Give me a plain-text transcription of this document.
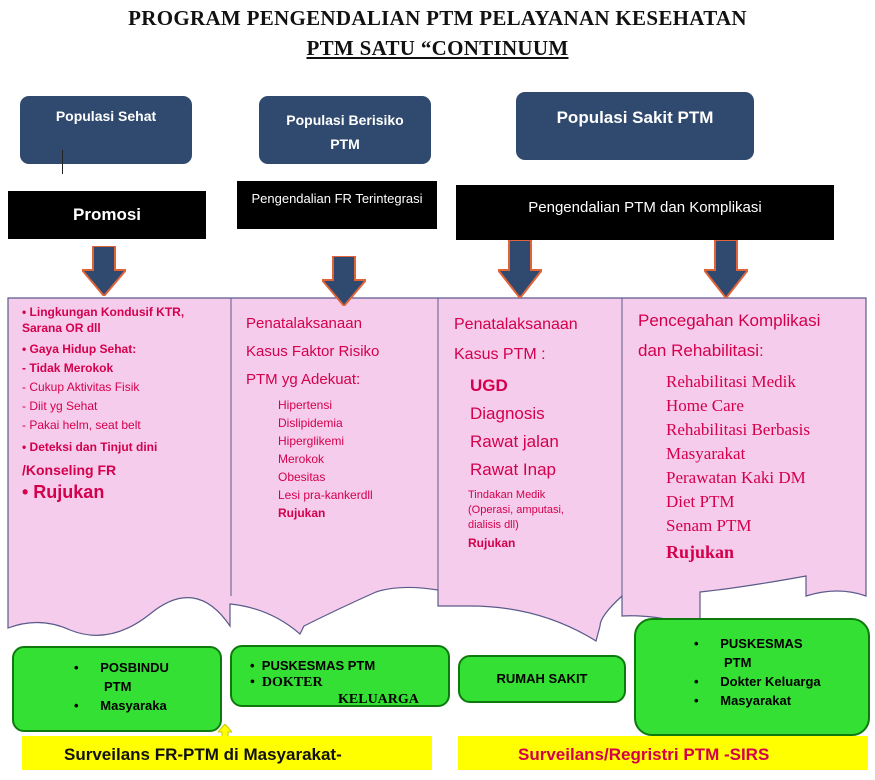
PROGRAM PENGENDALIAN PTM PELAYANAN KESEHATAN
PTM SATU “CONTINUUM
Populasi Sehat	Populasi Berisiko PTM
Populasi Sakit PTM
Promosi
Pengendalian FR Terintegrasi
Pengendalian PTM dan Komplikasi
• Lingkungan Kondusif KTR, Sarana OR dll
• Gaya Hidup Sehat:
- Tidak Merokok
- Cukup Aktivitas Fisik
- Diit yg Sehat
- Pakai helm, seat belt
• Deteksi dan Tinjut dini
/Konseling FR
• Rujukan
Penatalaksanaan
Kasus Faktor Risiko
PTM yg Adekuat:
Hipertensi
Dislipidemia
Hiperglikemi
Merokok
Obesitas
Lesi pra-kankerdll
Rujukan
Penatalaksanaan
Kasus PTM :
UGD
Diagnosis
Rawat jalan
Rawat Inap
Tindakan Medik
(Operasi, amputasi,
dialisis dll)
Rujukan
Pencegahan Komplikasi
dan Rehabilitasi:
Rehabilitasi Medik
Home Care
Rehabilitasi Berbasis
Masyarakat
Perawatan Kaki DM
Diet PTM
Senam PTM
Rujukan
•      POSBINDU
PTM
•      Masyaraka
•  PUSKESMAS PTM
•  DOKTER
KELUARGA
RUMAH SAKIT
•      PUSKESMAS
PTM
•      Dokter Keluarga
•      Masyarakat
Surveilans FR-PTM di Masyarakat-	Surveilans/Regristri PTM -SIRS
